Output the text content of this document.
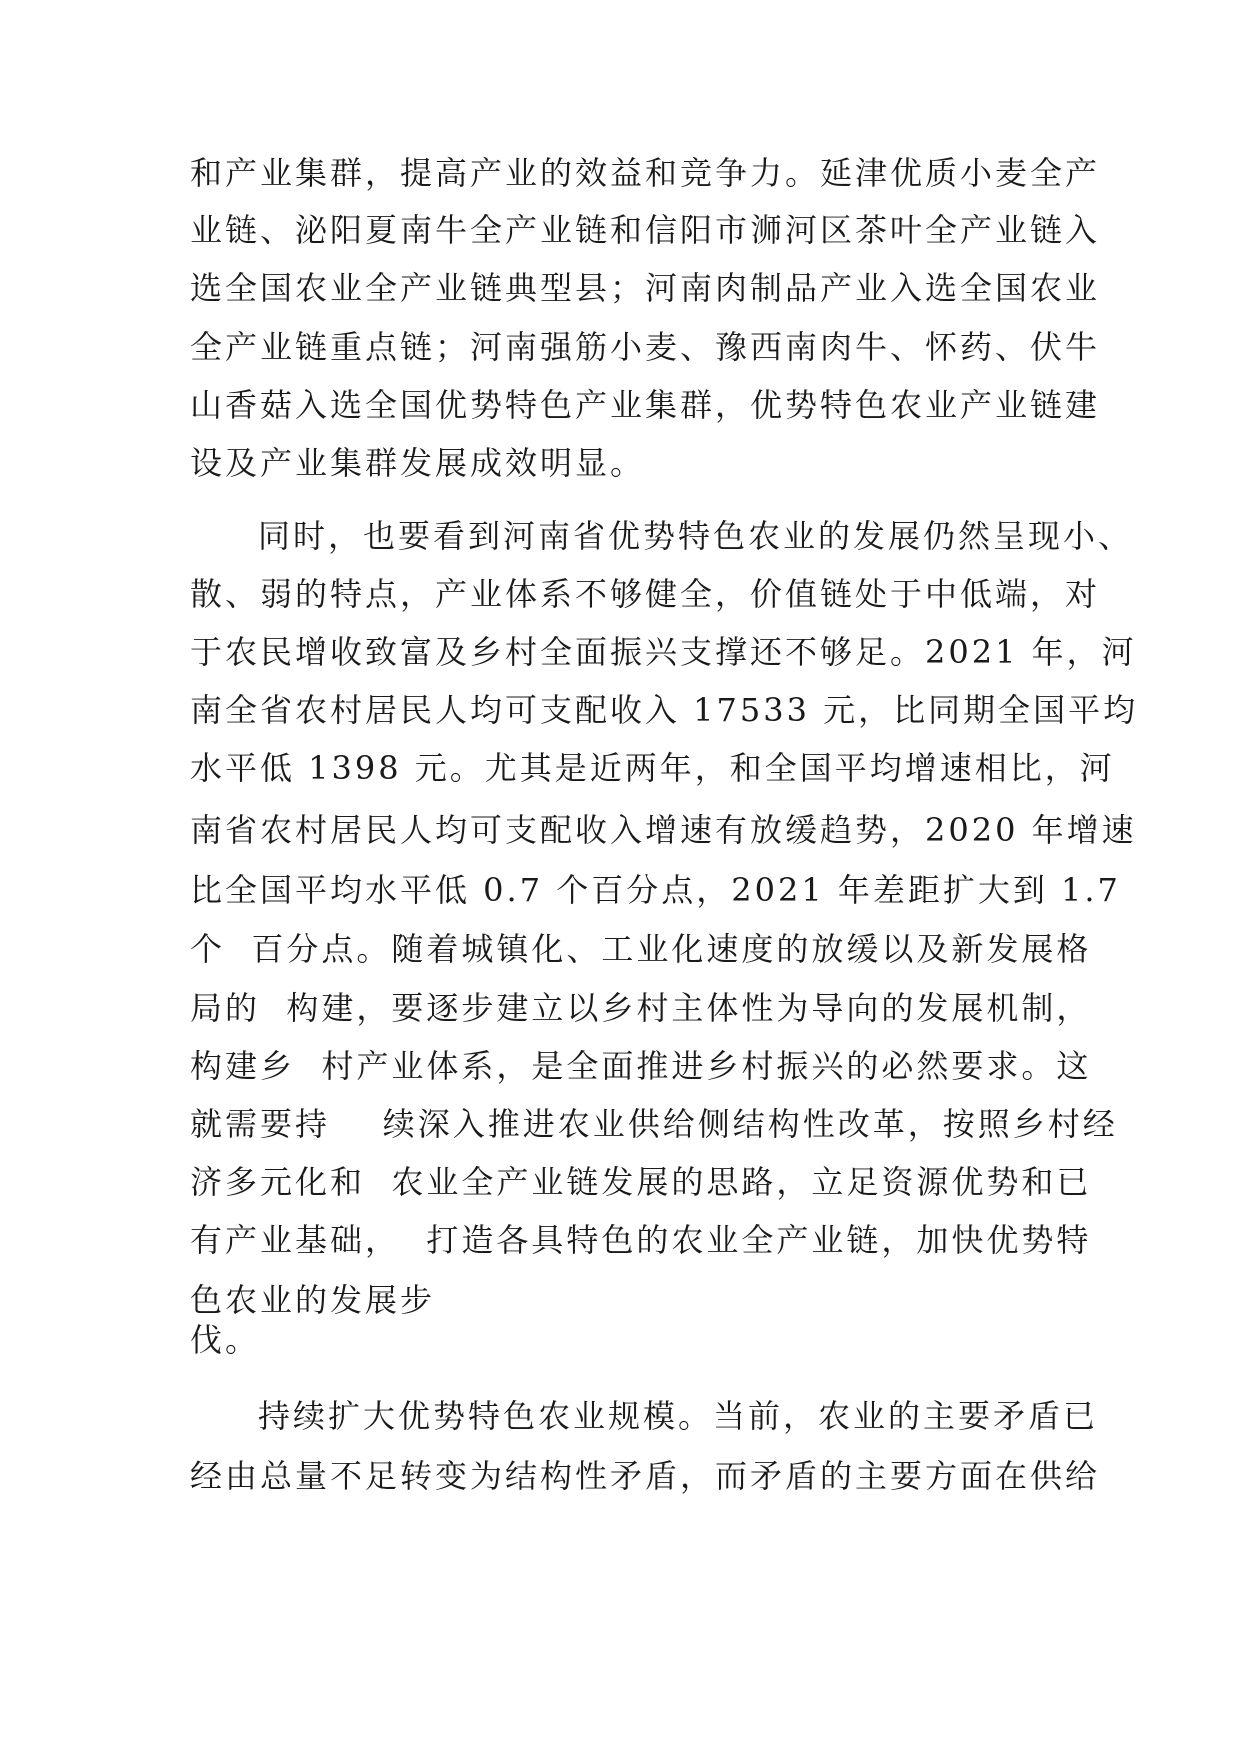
和产业集群，提高产业的效益和竞争力。延津优质小麦全产
业链、泌阳夏南牛全产业链和信阳市浉河区茶叶全产业链入
选全国农业全产业链典型县；河南肉制品产业入选全国农业
全产业链重点链；河南强筋小麦、豫西南肉牛、怀药、伏牛
山香菇入选全国优势特色产业集群，优势特色农业产业链建
设及产业集群发展成效明显。
同时，也要看到河南省优势特色农业的发展仍然呈现小、
散、弱的特点，产业体系不够健全，价值链处于中低端，对
于农民增收致富及乡村全面振兴支撑还不够足。2021 年，河
南全省农村居民人均可支配收入 17533 元，比同期全国平均
水平低 1398 元。尤其是近两年，和全国平均增速相比，河
南省农村居民人均可支配收入增速有放缓趋势，2020 年增速
比全国平均水平低 0.7 个百分点，2021 年差距扩大到 1.7
个  百分点。随着城镇化、工业化速度的放缓以及新发展格
局的  构建，要逐步建立以乡村主体性为导向的发展机制，
构建乡  村产业体系，是全面推进乡村振兴的必然要求。这
就需要持    续深入推进农业供给侧结构性改革，按照乡村经
济多元化和  农业全产业链发展的思路，立足资源优势和已
有产业基础，  打造各具特色的农业全产业链，加快优势特
色农业的发展步
伐。
持续扩大优势特色农业规模。当前，农业的主要矛盾已
经由总量不足转变为结构性矛盾，而矛盾的主要方面在供给
